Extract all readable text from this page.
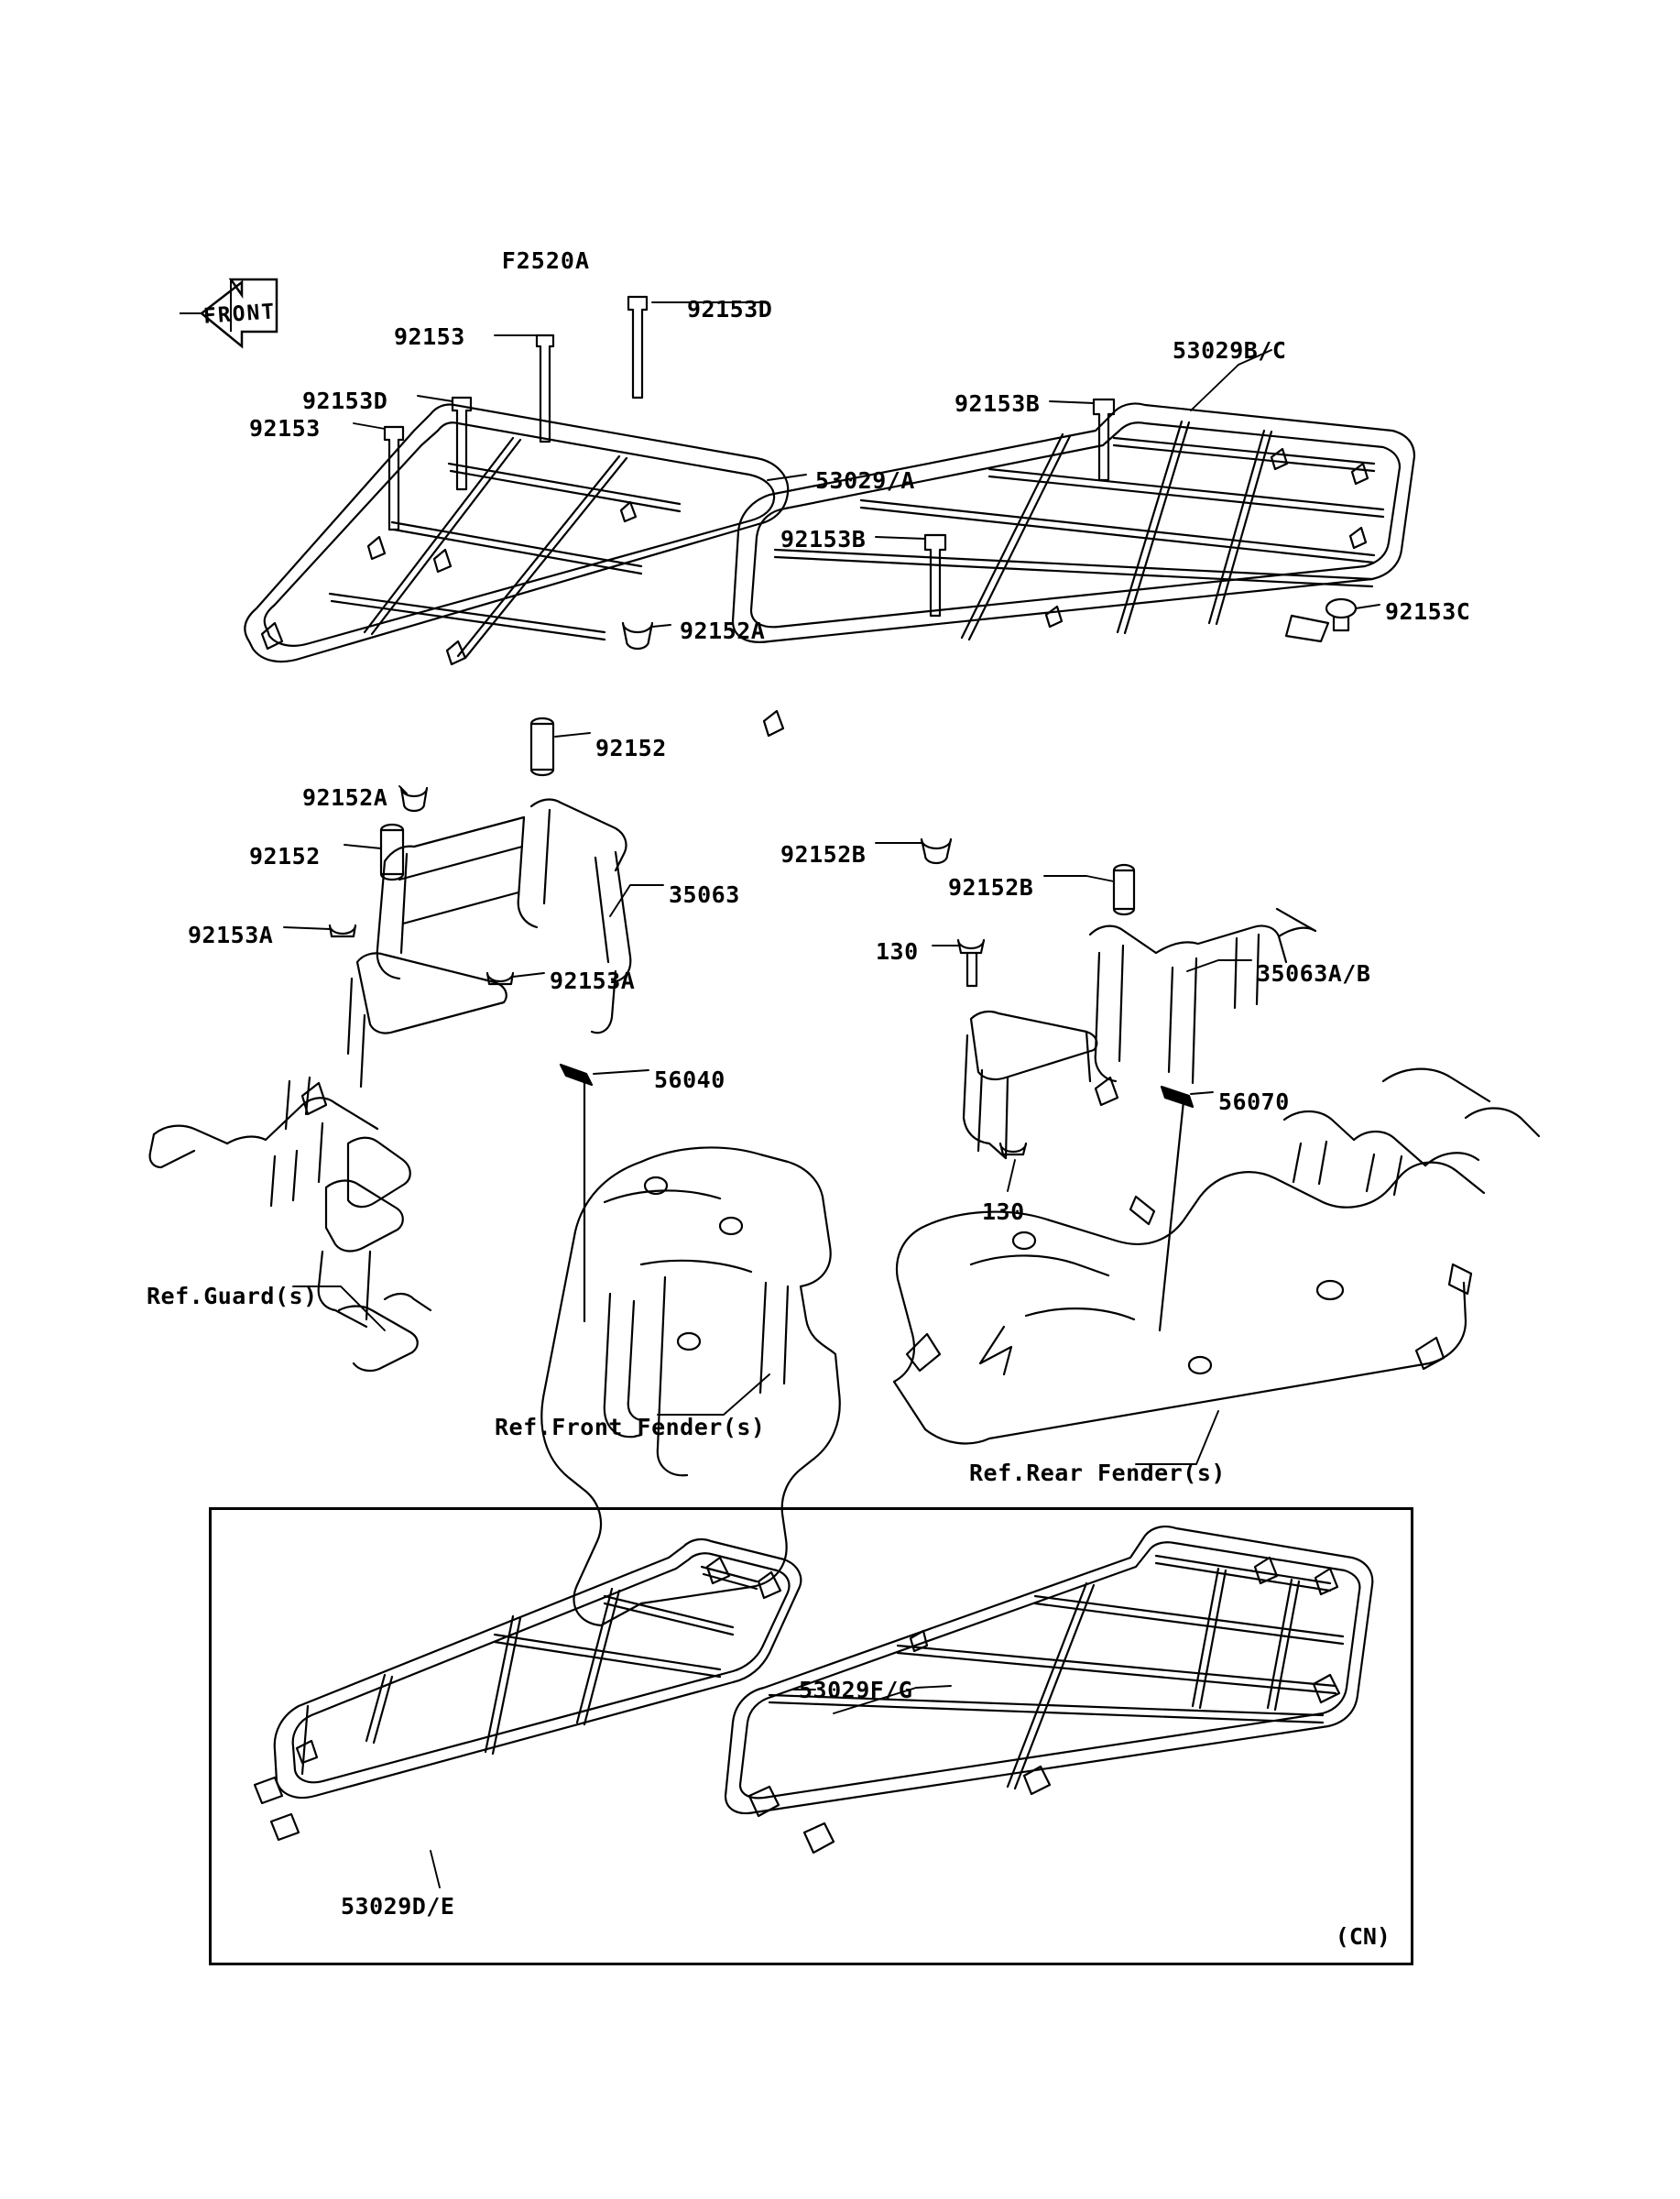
F2520A
FRONT
92153
92153D
53029B/C
92153D	92153B
92153
53029/A
92153B
92153C
92152A
92152
92152A
92152	92152B
35063	92152B
92153A
130
35063A/B
92153A
56040
56070
130
Ref.Guard(s)
Ref.Front Fender(s)
Ref.Rear Fender(s)
53029F/G
53029D/E
(CN)
